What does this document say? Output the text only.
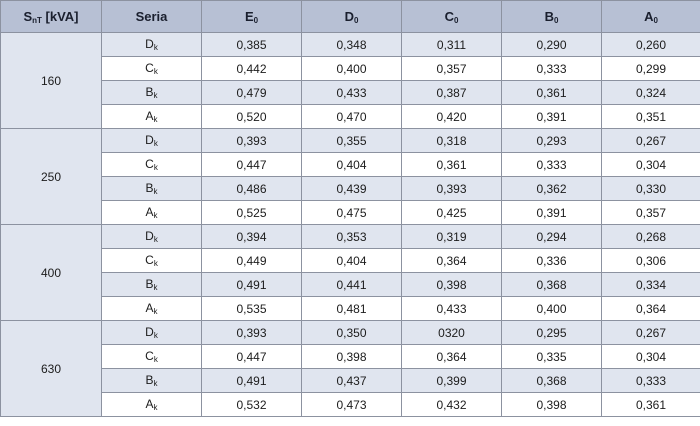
SnT [kVA]	Seria	E0	D0	C0	B0	A0
160	$D_k$	0,385	0,348	0,311	0,290	0,260
	$C_k$	0,442	0,400	0,357	0,333	0,299
	$B_k$	0,479	0,433	0,387	0,361	0,324
	$A_k$	0,520	0,470	0,420	0,391	0,351
250	$D_k$	0,393	0,355	0,318	0,293	0,267
	$C_k$	0,447	0,404	0,361	0,333	0,304
	$B_k$	0,486	0,439	0,393	0,362	0,330
	$A_k$	0,525	0,475	0,425	0,391	0,357
400	$D_k$	0,394	0,353	0,319	0,294	0,268
	$C_k$	0,449	0,404	0,364	0,336	0,306
	$B_k$	0,491	0,441	0,398	0,368	0,334
	$A_k$	0,535	0,481	0,433	0,400	0,364
630	$D_k$	0,393	0,350	0320	0,295	0,267
	$C_k$	0,447	0,398	0,364	0,335	0,304
	$B_k$	0,491	0,437	0,399	0,368	0,333
	$A_k$	0,532	0,473	0,432	0,398	0,361
